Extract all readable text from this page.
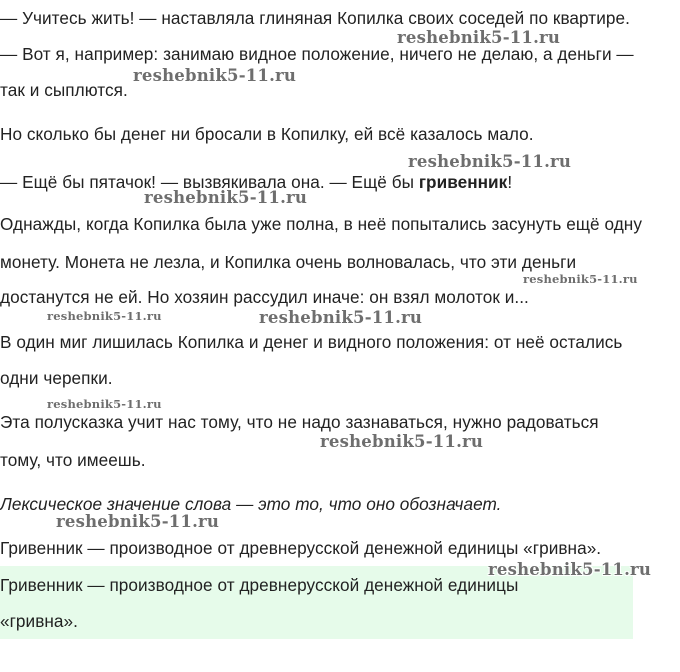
— Учитесь жить! — наставляла глиняная Копилка своих соседей по квартире.

— Вот я, например: занимаю видное положение, ничего не делаю, а деньги —

так и сыплются.

Но сколько бы денег ни бросали в Копилку, ей всё казалось мало.

— Ещё бы пятачок! — вызвякивала она. — Ещё бы гривенник!

Однажды, когда Копилка была уже полна, в неё попытались засунуть ещё одну

монету. Монета не лезла, и Копилка очень волновалась, что эти деньги

достанутся не ей. Но хозяин рассудил иначе: он взял молоток и...

В один миг лишилась Копилка и денег и видного положения: от неё остались

одни черепки.

Эта полусказка учит нас тому, что не надо зазнаваться, нужно радоваться

тому, что имеешь.

Лексическое значение слова — это то, что оно обозначает.

Гривенник — производное от древнерусской денежной единицы «гривна».

Гривенник — производное от древнерусской денежной единицы

«гривна».

reshebnik5-11.ru
reshebnik5-11.ru
reshebnik5-11.ru
reshebnik5-11.ru
reshebnik5-11.ru
reshebnik5-11.ru	reshebnik5-11.ru
reshebnik5-11.ru
reshebnik5-11.ru
reshebnik5-11.ru
reshebnik5-11.ru
